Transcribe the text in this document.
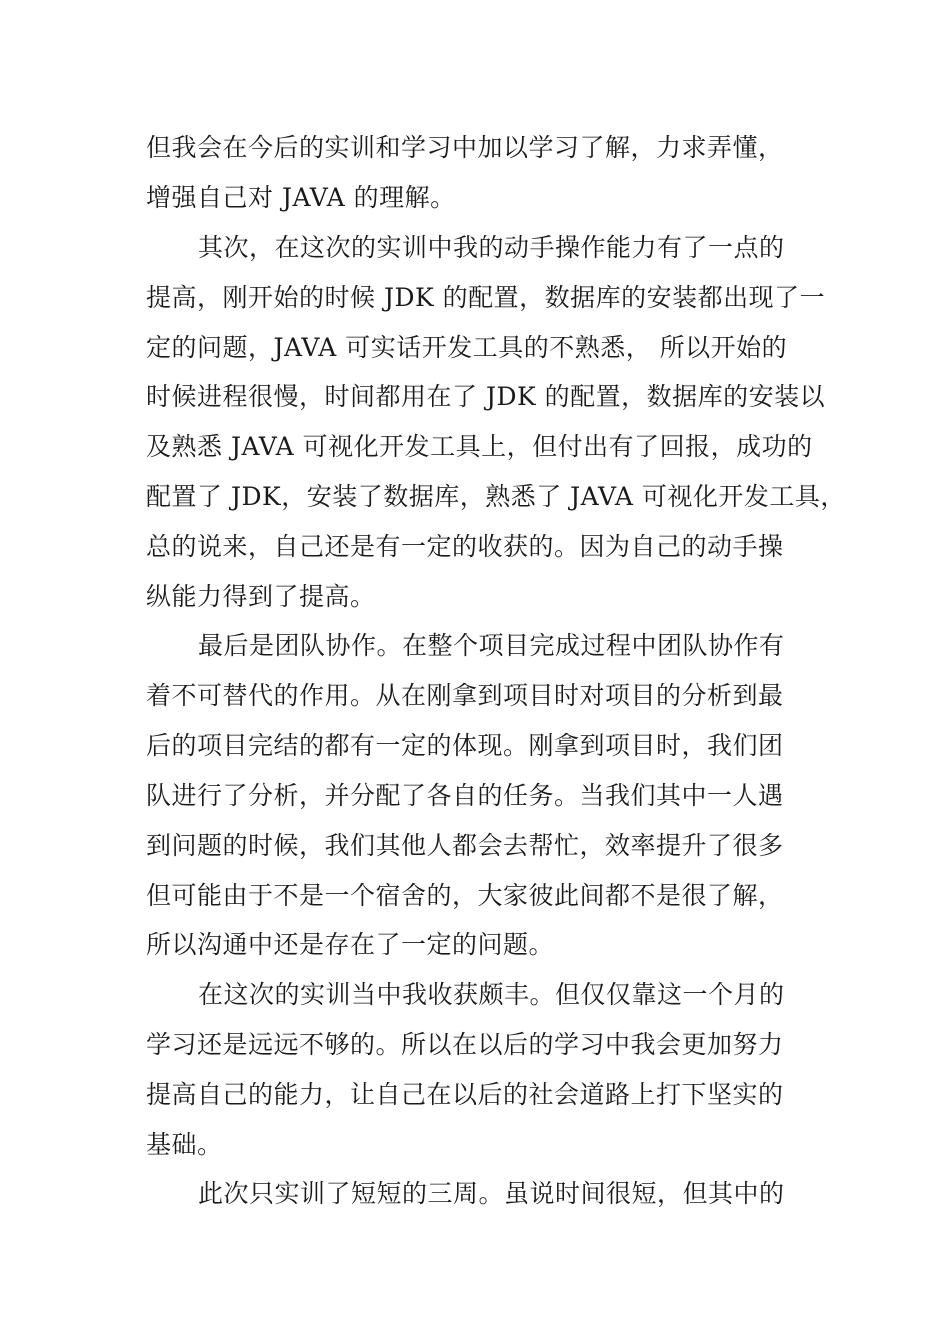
但我会在今后的实训和学习中加以学习了解，力求弄懂，
增强自己对 JAVA 的理解。
其次，在这次的实训中我的动手操作能力有了一点的
提高，刚开始的时候 JDK 的配置，数据库的安装都出现了一
定的问题，JAVA 可实话开发工具的不熟悉， 所以开始的
时候进程很慢，时间都用在了 JDK 的配置，数据库的安装以
及熟悉 JAVA 可视化开发工具上，但付出有了回报，成功的
配置了 JDK，安装了数据库，熟悉了 JAVA 可视化开发工具，
总的说来，自己还是有一定的收获的。因为自己的动手操
纵能力得到了提高。
最后是团队协作。在整个项目完成过程中团队协作有
着不可替代的作用。从在刚拿到项目时对项目的分析到最
后的项目完结的都有一定的体现。刚拿到项目时，我们团
队进行了分析，并分配了各自的任务。当我们其中一人遇
到问题的时候，我们其他人都会去帮忙，效率提升了很多
但可能由于不是一个宿舍的，大家彼此间都不是很了解，
所以沟通中还是存在了一定的问题。
在这次的实训当中我收获颇丰。但仅仅靠这一个月的
学习还是远远不够的。所以在以后的学习中我会更加努力
提高自己的能力，让自己在以后的社会道路上打下坚实的
基础。
此次只实训了短短的三周。虽说时间很短，但其中的
